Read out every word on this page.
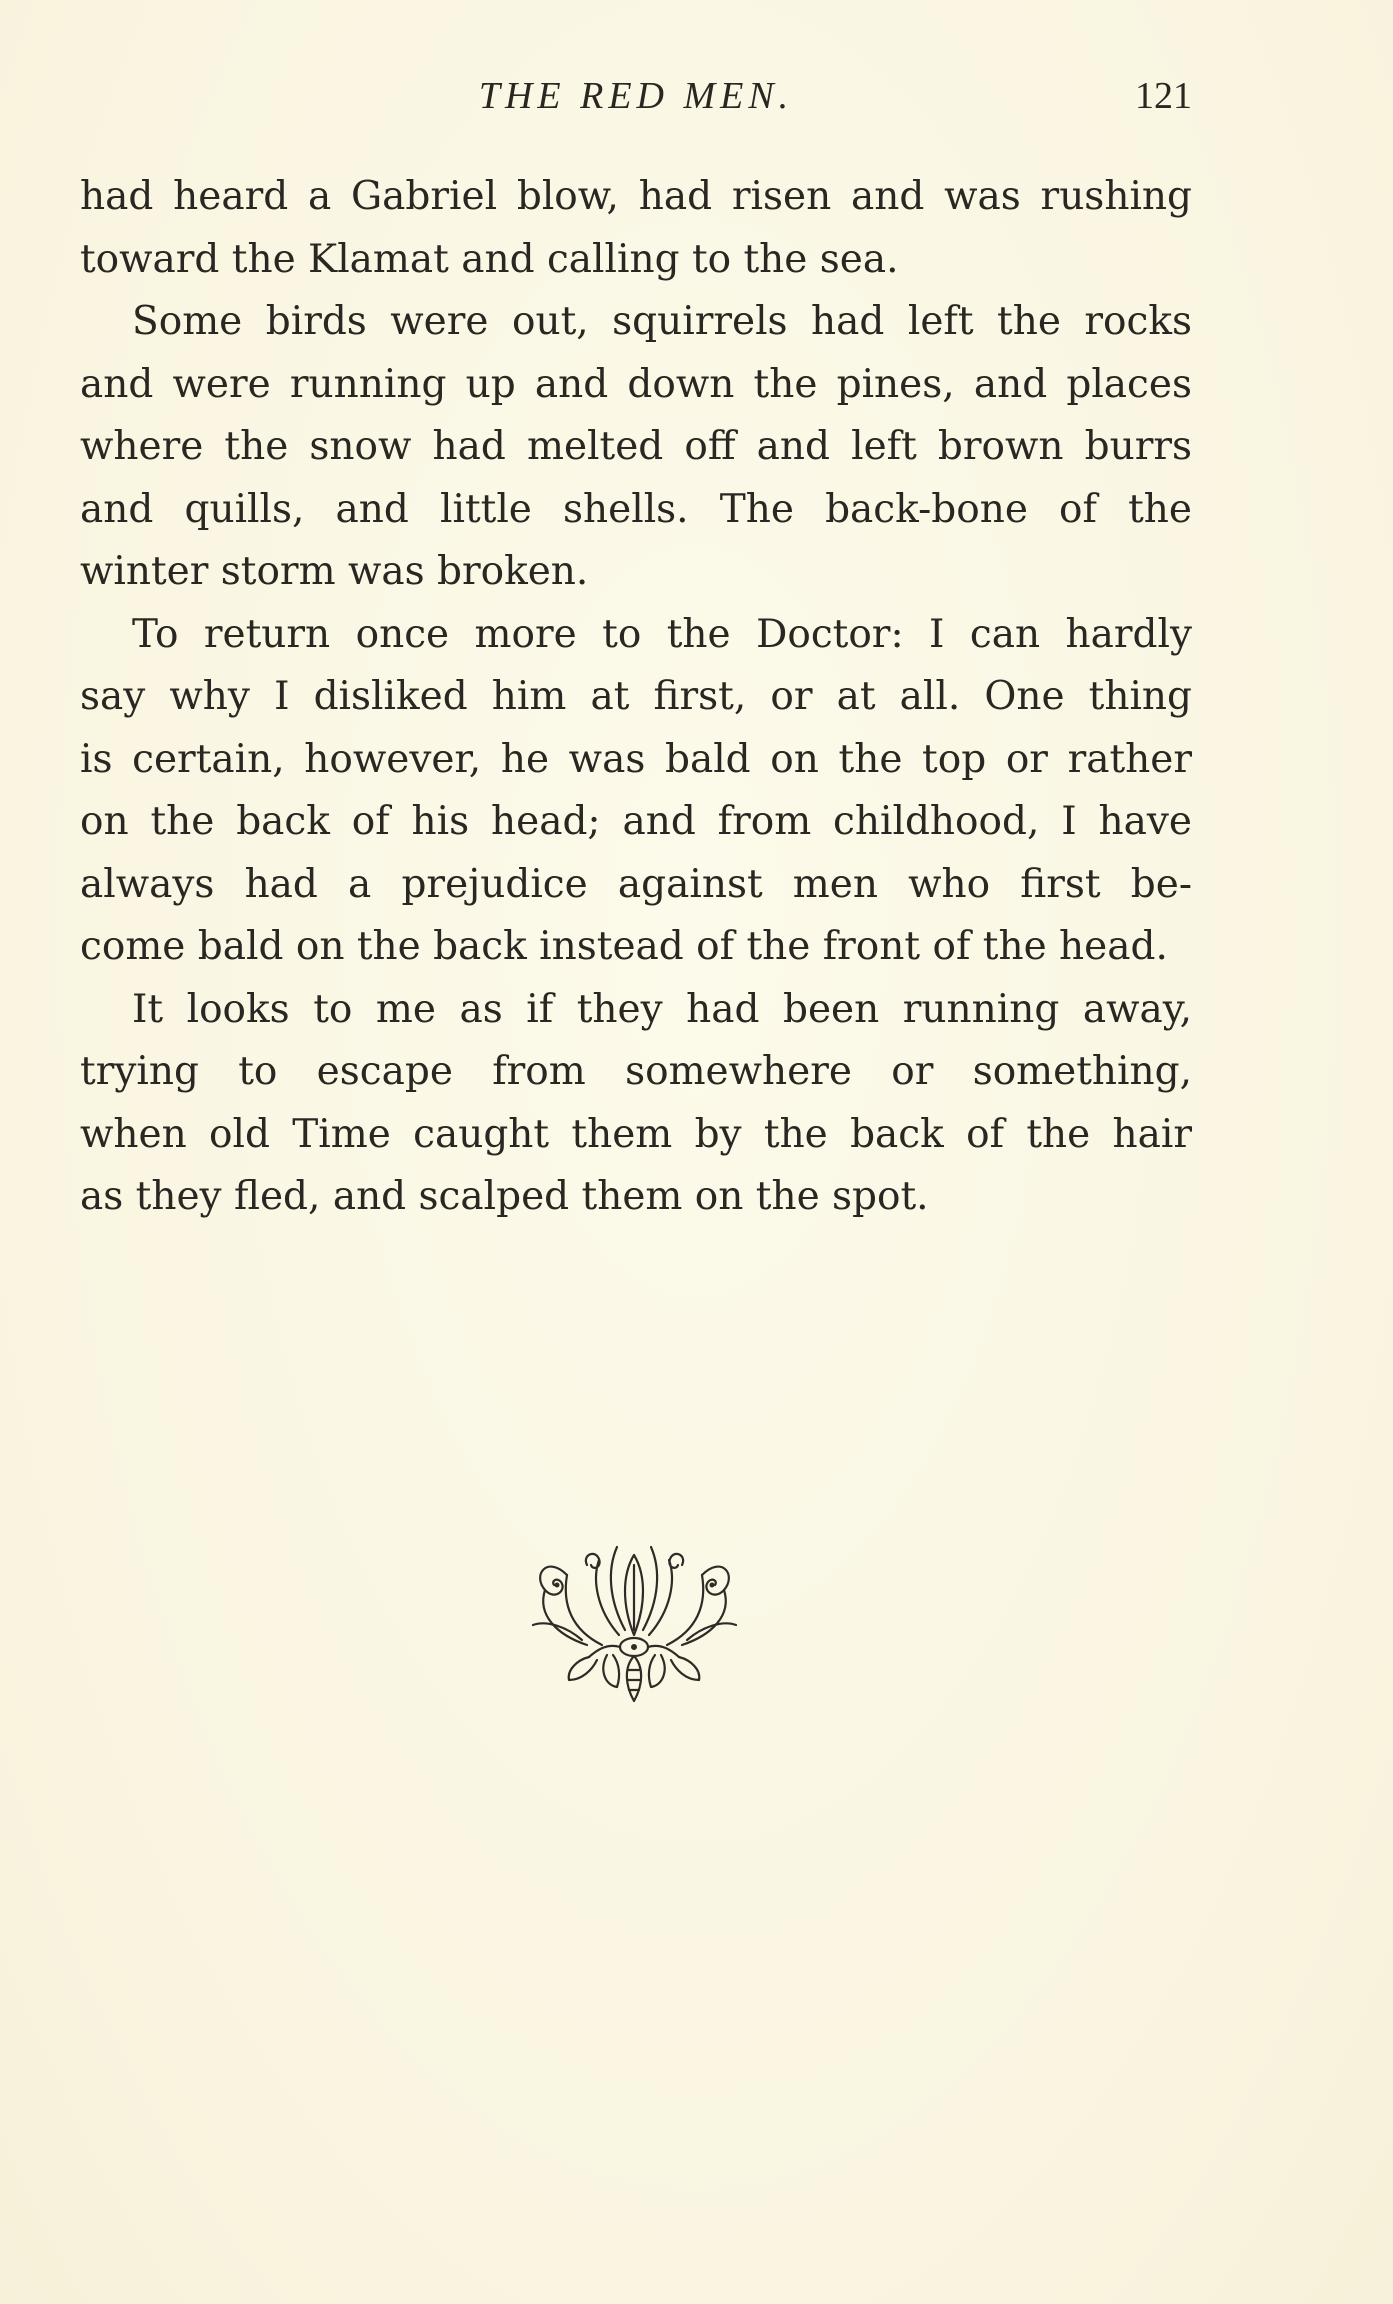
THE RED MEN.	121
had heard a Gabriel blow, had risen and was rushing
toward the Klamat and calling to the sea.
Some birds were out, squirrels had left the rocks
and were running up and down the pines, and places
where the snow had melted off and left brown burrs
and quills, and little shells. The back-bone of the
winter storm was broken.
To return once more to the Doctor: I can hardly
say why I disliked him at first, or at all. One thing
is certain, however, he was bald on the top or rather
on the back of his head; and from childhood, I have
always had a prejudice against men who first be-
come bald on the back instead of the front of the head.
It looks to me as if they had been running away,
trying to escape from somewhere or something,
when old Time caught them by the back of the hair
as they fled, and scalped them on the spot.
